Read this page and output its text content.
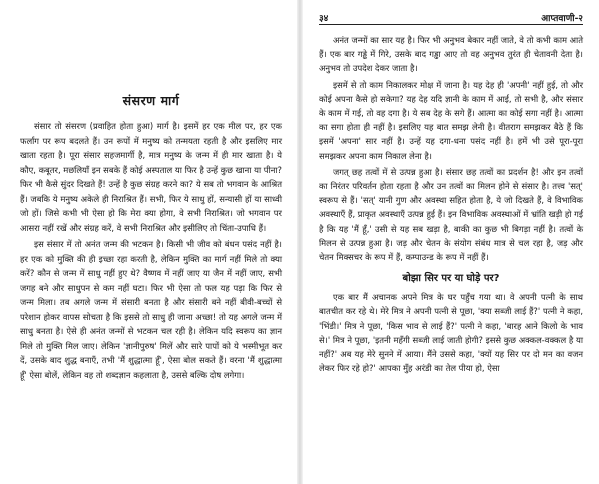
संसरण मार्ग

संसार तो संसरण (प्रवाहित होता हुआ) मार्ग है। इसमें हर एक मील पर, हर एक फर्लांग पर रूप बदलते हैं। उन रूपों में मनुष्य को तन्मयता रहती है और इसलिए मार खाता रहता है। पूरा संसार सहजमार्गी है, मात्र मनुष्य के जन्म में ही मार खाता है। ये कौए, कबूतर, मछलियाँ इन सबके हैं कोई अस्पताल या फिर है उन्हें कुछ खाना या पीना? फिर भी कैसे सुंदर दिखते हैं! उन्हें है कुछ संग्रह करने का? ये सब तो भगवान के आश्रित हैं। जबकि ये मनुष्य अकेले ही निराश्रित हैं। सभी, फिर ये साधु हों, सन्यासी हों या साध्वी जो हों। जिसे कभी भी ऐसा हो कि मेरा क्या होगा, वे सभी निराश्रित। जो भगवान पर आसरा नहीं रखें और संग्रह करें, वे सभी निराश्रित और इसीलिए तो चिंता-उपाधि हैं।

इस संसार में तो अनंत जन्म की भटकन है। किसी भी जीव को बंधन पसंद नहीं है। हर एक को मुक्ति की ही इच्छा रहा करती है, लेकिन मुक्ति का मार्ग नहीं मिले तो क्या करें? कौन से जन्म में साधु नहीं हुए थे? वैष्णव में नहीं जाए या जैन में नहीं जाए, सभी जगह बने और साधुपन से कम नहीं घटा। फिर भी ऐसा तो फल यह पड़ा कि फिर से जन्म मिला। तब अगले जन्म में संसारी बनता है और संसारी बने नहीं बीवी-बच्चों से परेशान होकर वापस सोचता है कि इससे तो साधु ही जाना अच्छा! तो यह अगले जन्म में साधु बनता है। ऐसे ही अनंत जन्मों से भटकन चल रही है। लेकिन यदि स्वरूप का ज्ञान मिले तो मुक्ति मिल जाए। लेकिन 'ज्ञानीपुरुष' मिलें और सारे पापों को ये भस्मीभूत कर दें, उसके बाद शुद्ध बनाएँ, तभी 'मैं शुद्धात्मा हूँ', ऐसा बोल सकते हैं। वरना 'मैं शुद्धात्मा हूँ' ऐसा बोलें, लेकिन वह तो शब्दज्ञान कहलाता है, उससे बल्कि दोष लगेगा।

३४	आप्तवाणी-२

अनंत जन्मों का सार यह है। फिर भी अनुभव बेकार नहीं जाते, वे तो कभी काम आते हैं। एक बार गड्ढे में गिरे, उसके बाद गड्ढा आए तो वह अनुभव तुरंत ही चेतावनी देता है। अनुभव तो उपदेश देकर जाता है।

इसमें से तो काम निकालकर मोक्ष में जाना है। यह देह ही 'अपनी' नहीं हुई, तो और कोई अपना कैसे हो सकेगा? यह देह यदि ज्ञानी के काम में आई, तो सभी है, और संसार के काम में गई, तो वह दगा है। ये सब देह के सगे हैं। आत्मा का कोई सगा नहीं है। आत्मा का सगा होता ही नहीं है। इसलिए यह बात समझ लेनी है। वीतराग समझकर बैठे हैं कि इसमें 'अपना' सार नहीं है। उन्हें यह दगा-धना पसंद नहीं है। हमें भी उसे पूरा-पूरा समझकर अपना काम निकाल लेना है।

जगत् छह तत्वों में से उत्पन्न हुआ है। संसार छह तत्वों का प्रदर्शन है! और इन तत्वों का निरंतर परिवर्तन होता रहता है और उन तत्वों का मिलन होने से संसार है। तत्त्व 'सत्' स्वरूप से हैं। 'सत्' यानी गुण और अवस्था सहित होता है, ये जो दिखते हैं, वे विभाविक अवस्थाएँ हैं, प्राकृत अवस्थाएँ उत्पन्न हुई हैं। इन विभाविक अवस्थाओं में भ्रांति खड़ी हो गई है कि यह 'मैं हूँ,' उसी से यह सब खड़ा है, बाकी का कुछ भी बिगड़ा नहीं है। तत्वों के मिलन से उत्पन्न हुआ है। जड़ और चेतन के संयोग संबंध मात्र से चल रहा है, जड़ और चेतन मिक्सचर के रूप में हैं, कम्पाउन्ड के रूप में नहीं हैं।

बोझा सिर पर या घोड़े पर?

एक बार मैं अचानक अपने मित्र के घर पहुँच गया था। वे अपनी पत्नी के साथ बातचीत कर रहे थे। मेरे मित्र ने अपनी पत्नी से पूछा, 'क्या सब्जी लाई हैं?' पत्नी ने कहा, 'भिंडी।' मित्र ने पूछा, 'किस भाव से लाई हैं?' पत्नी ने कहा, 'बारह आने किलो के भाव से।' मित्र ने पूछा, 'इतनी महँगी सब्जी लाई जाती होगी? इससे कुछ अक्कल-वक्कल है या नहीं?' अब यह मेरे सुनने में आया। मैंने उससे कहा, 'क्यों यह सिर पर दो मन का वजन लेकर फिर रहे हो?' आपका मुँह अरंडी का तेल पीया हो, ऐसा
